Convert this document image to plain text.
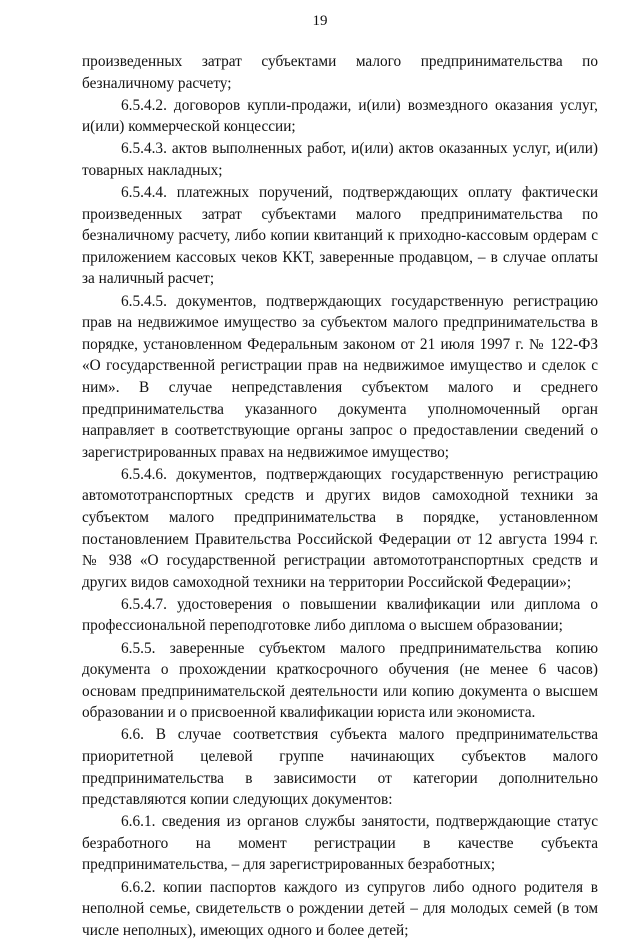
19

произведенных затрат субъектами малого предпринимательства по безналичному расчету;

6.5.4.2. договоров купли-продажи, и(или) возмездного оказания услуг, и(или) коммерческой концессии;

6.5.4.3. актов выполненных работ, и(или) актов оказанных услуг, и(или) товарных накладных;

6.5.4.4. платежных поручений, подтверждающих оплату фактически произведенных затрат субъектами малого предпринимательства по безналичному расчету, либо копии квитанций к приходно-кассовым ордерам с приложением кассовых чеков ККТ, заверенные продавцом, – в случае оплаты за наличный расчет;

6.5.4.5. документов, подтверждающих государственную регистрацию прав на недвижимое имущество за субъектом малого предпринимательства в порядке, установленном Федеральным законом от 21 июля 1997 г. № 122-ФЗ «О государственной регистрации прав на недвижимое имущество и сделок с ним». В случае непредставления субъектом малого и среднего предпринимательства указанного документа уполномоченный орган направляет в соответствующие органы запрос о предоставлении сведений о зарегистрированных правах на недвижимое имущество;

6.5.4.6. документов, подтверждающих государственную регистрацию автомототранспортных средств и других видов самоходной техники за субъектом малого предпринимательства в порядке, установленном постановлением Правительства Российской Федерации от 12 августа 1994 г. № 938 «О государственной регистрации автомототранспортных средств и других видов самоходной техники на территории Российской Федерации»;

6.5.4.7. удостоверения о повышении квалификации или диплома о профессиональной переподготовке либо диплома о высшем образовании;

6.5.5. заверенные субъектом малого предпринимательства копию документа о прохождении краткосрочного обучения (не менее 6 часов) основам предпринимательской деятельности или копию документа о высшем образовании и о присвоенной квалификации юриста или экономиста.

6.6. В случае соответствия субъекта малого предпринимательства приоритетной целевой группе начинающих субъектов малого предпринимательства в зависимости от категории дополнительно представляются копии следующих документов:

6.6.1. сведения из органов службы занятости, подтверждающие статус безработного на момент регистрации в качестве субъекта предпринимательства, – для зарегистрированных безработных;

6.6.2. копии паспортов каждого из супругов либо одного родителя в неполной семье, свидетельств о рождении детей – для молодых семей (в том числе неполных), имеющих одного и более детей;
